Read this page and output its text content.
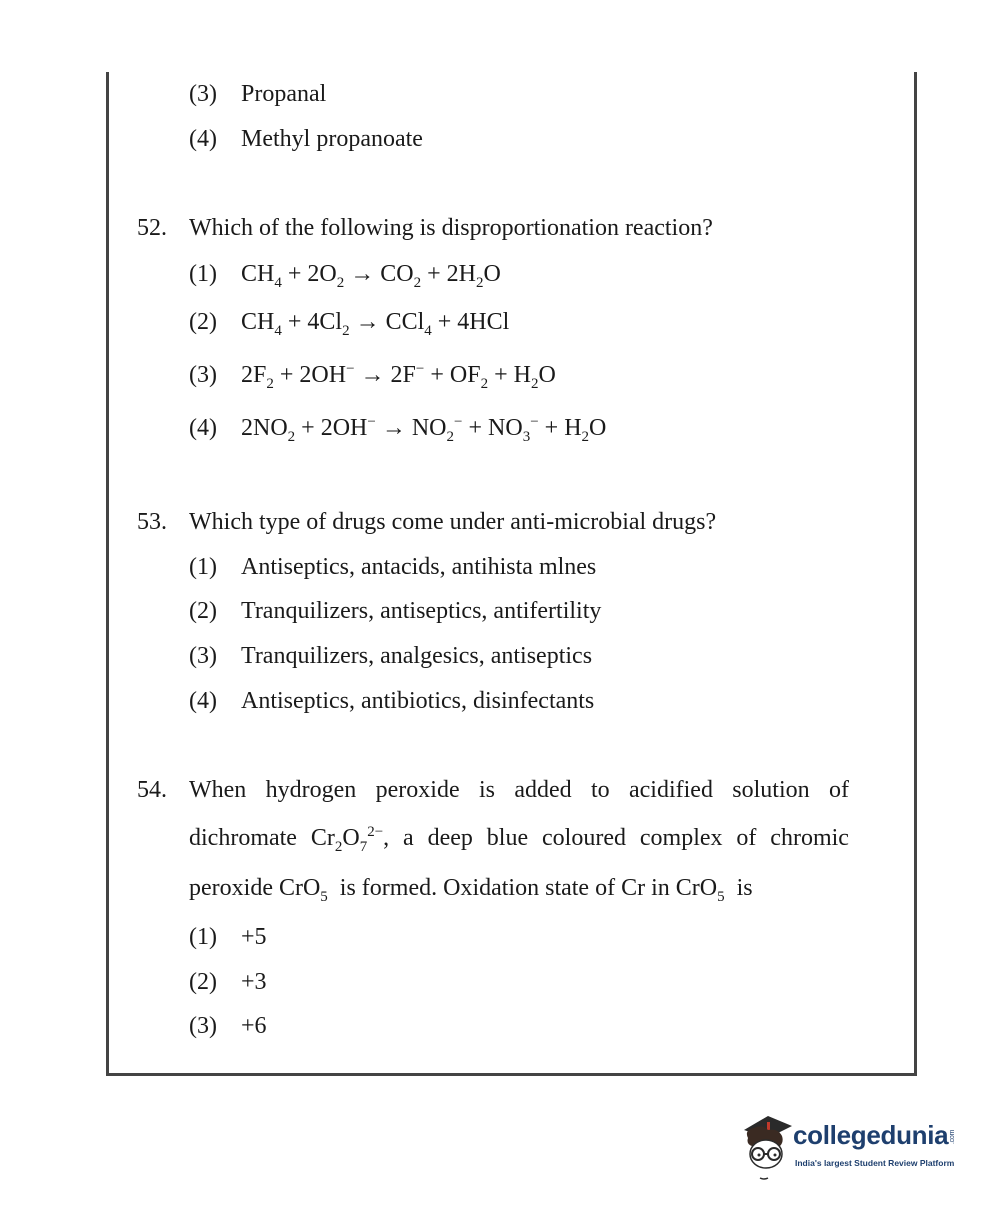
(3) Propanal
(4) Methyl propanoate
52. Which of the following is disproportionation reaction?
(1) $CH_4 + 2O_2 \to CO_2 + 2H_2O$
(2) $CH_4 + 4Cl_2 \to CCl_4 + 4HCl$
(3) $2F_2 + 2OH^- \to 2F^- + OF_2 + H_2O$
(4) $2NO_2 + 2OH^- \to NO_2^- + NO_3^- + H_2O$
53. Which type of drugs come under anti-microbial drugs?
(1) Antiseptics, antacids, antihista mlnes
(2) Tranquilizers, antiseptics, antifertility
(3) Tranquilizers, analgesics, antiseptics
(4) Antiseptics, antibiotics, disinfectants
54. When hydrogen peroxide is added to acidified solution of
dichromate $Cr_2O_7^{2-}$, a deep blue coloured complex of chromic
peroxide CrO$_5$  is formed. Oxidation state of Cr in CrO$_5$  is
(1) +5
(2) +3
(3) +6
collegedunia.com
India's largest Student Review Platform
